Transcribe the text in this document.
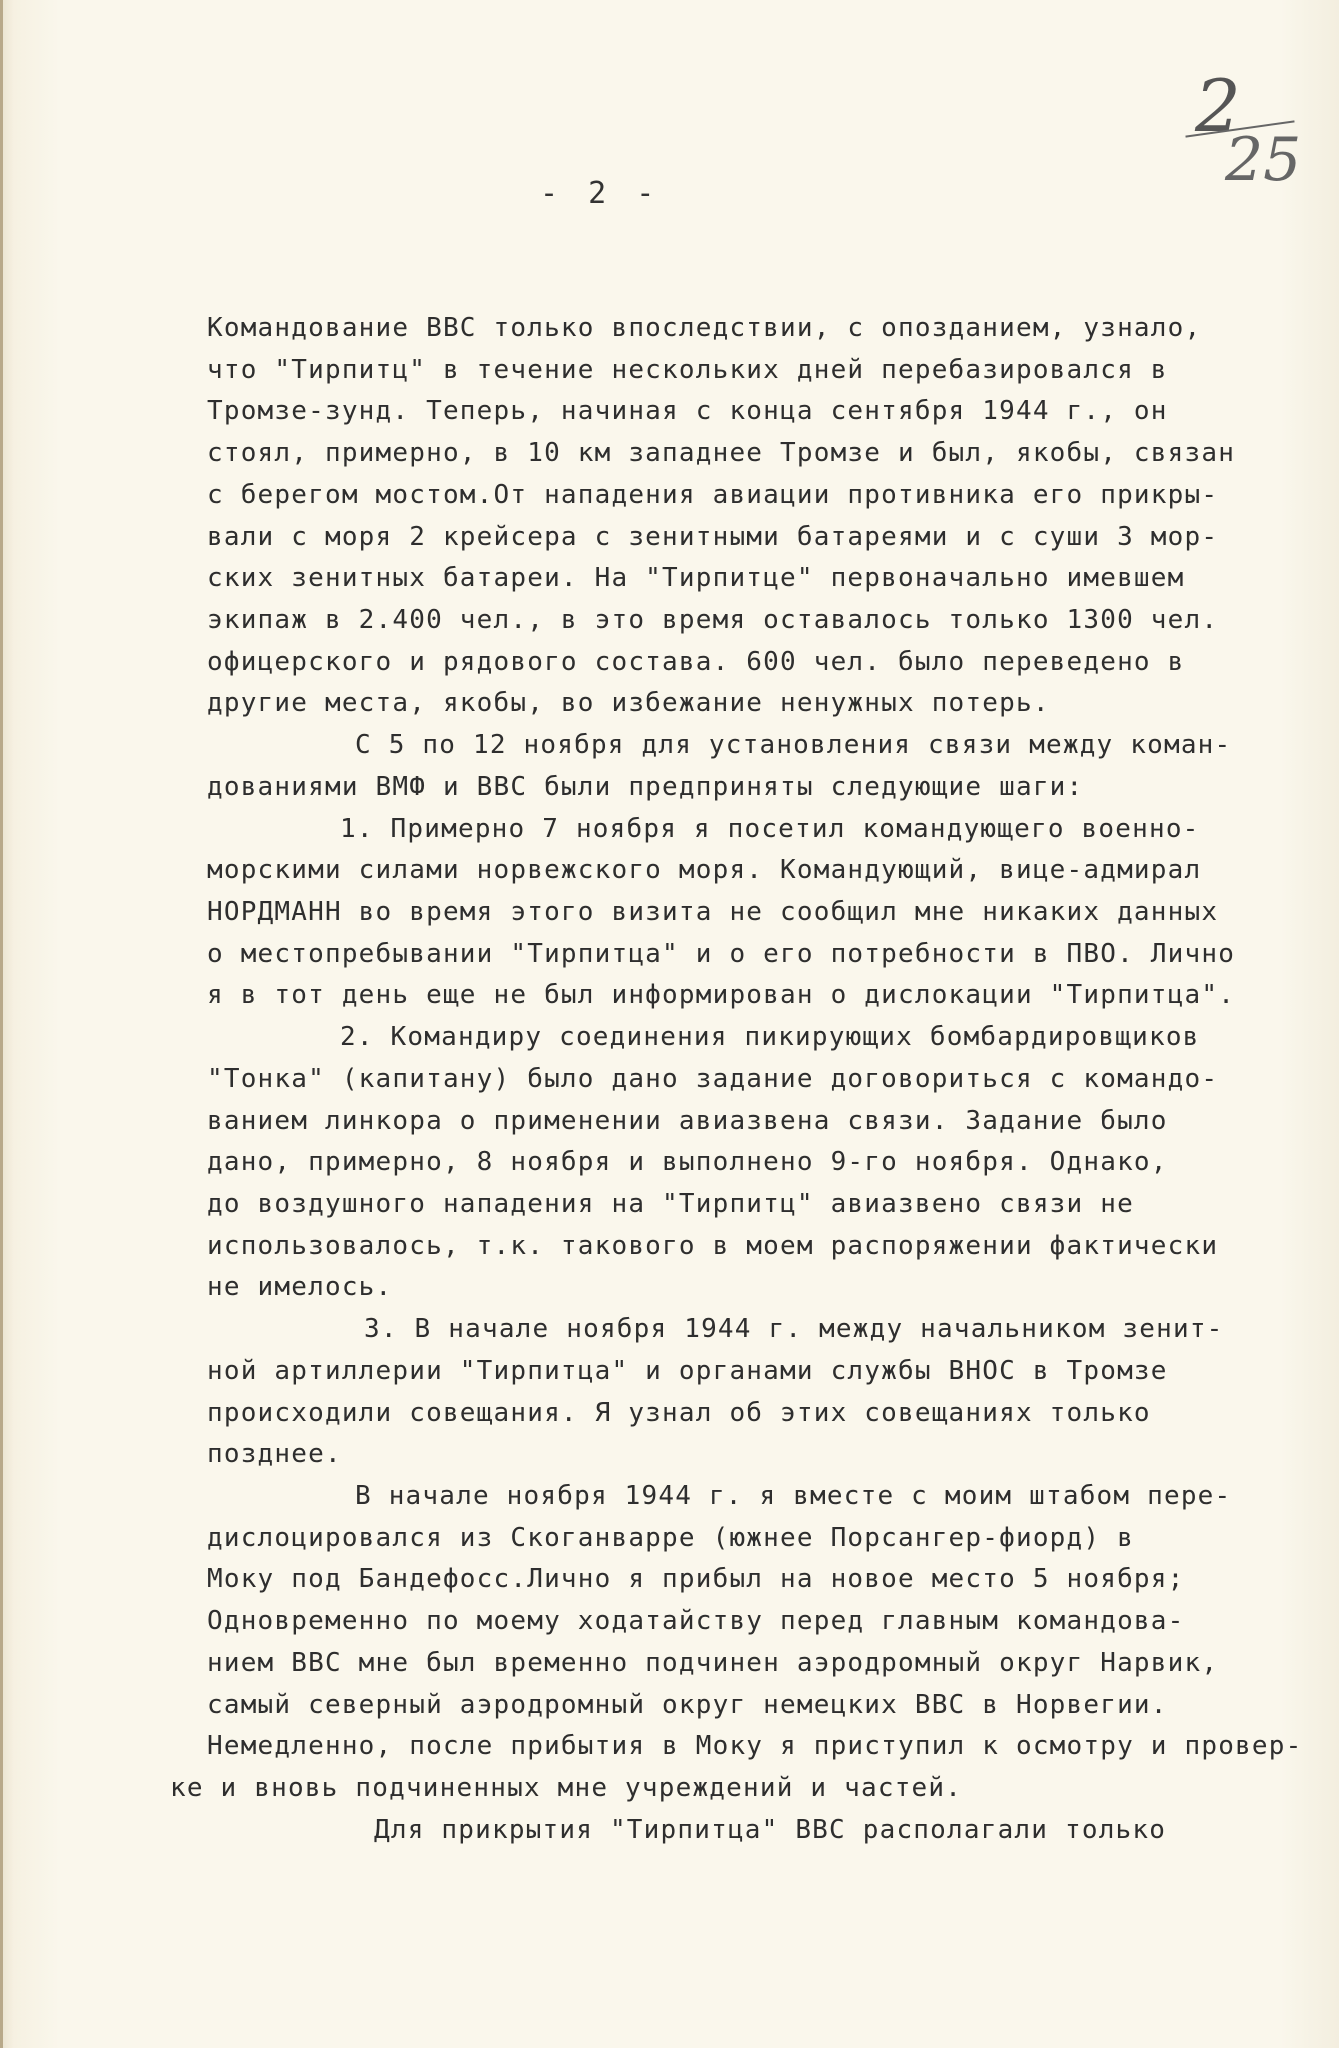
- 2 -
2
25
Командование ВВС только впоследствии, с опозданием, узнало,
что "Тирпитц" в течение нескольких дней перебазировался в
Тромзе-зунд. Теперь, начиная с конца сентября 1944 г., он
стоял, примерно, в 10 км западнее Тромзе и был, якобы, связан
с берегом мостом.От нападения авиации противника его прикры-
вали с моря 2 крейсера с зенитными батареями и с суши 3 мор-
ских зенитных батареи. На "Тирпитце" первоначально имевшем
экипаж в 2.400 чел., в это время оставалось только 1300 чел.
офицерского и рядового состава. 600 чел. было переведено в
другие места, якобы, во избежание ненужных потерь.
С 5 по 12 ноября для установления связи между коман-
дованиями ВМФ и ВВС были предприняты следующие шаги:
1. Примерно 7 ноября я посетил командующего военно-
морскими силами норвежского моря. Командующий, вице-адмирал
НОРДМАНН во время этого визита не сообщил мне никаких данных
о местопребывании "Тирпитца" и о его потребности в ПВО. Лично
я в тот день еще не был информирован о дислокации "Тирпитца".
2. Командиру соединения пикирующих бомбардировщиков
"Тонка" (капитану) было дано задание договориться с командо-
ванием линкора о применении авиазвена связи. Задание было
дано, примерно, 8 ноября и выполнено 9-го ноября. Однако,
до воздушного нападения на "Тирпитц" авиазвено связи не
использовалось, т.к. такового в моем распоряжении фактически
не имелось.
3. В начале ноября 1944 г. между начальником зенит-
ной артиллерии "Тирпитца" и органами службы ВНОС в Тромзе
происходили совещания. Я узнал об этих совещаниях только
позднее.
В начале ноября 1944 г. я вместе с моим штабом пере-
дислоцировался из Скоганварре (южнее Порсангер-фиорд) в
Моку под Бандефосс.Лично я прибыл на новое место 5 ноября;
Одновременно по моему ходатайству перед главным командова-
нием ВВС мне был временно подчинен аэродромный округ Нарвик,
самый северный аэродромный округ немецких ВВС в Норвегии.
Немедленно, после прибытия в Моку я приступил к осмотру и провер-
ке и вновь подчиненных мне учреждений и частей.
Для прикрытия "Тирпитца" ВВС располагали только
